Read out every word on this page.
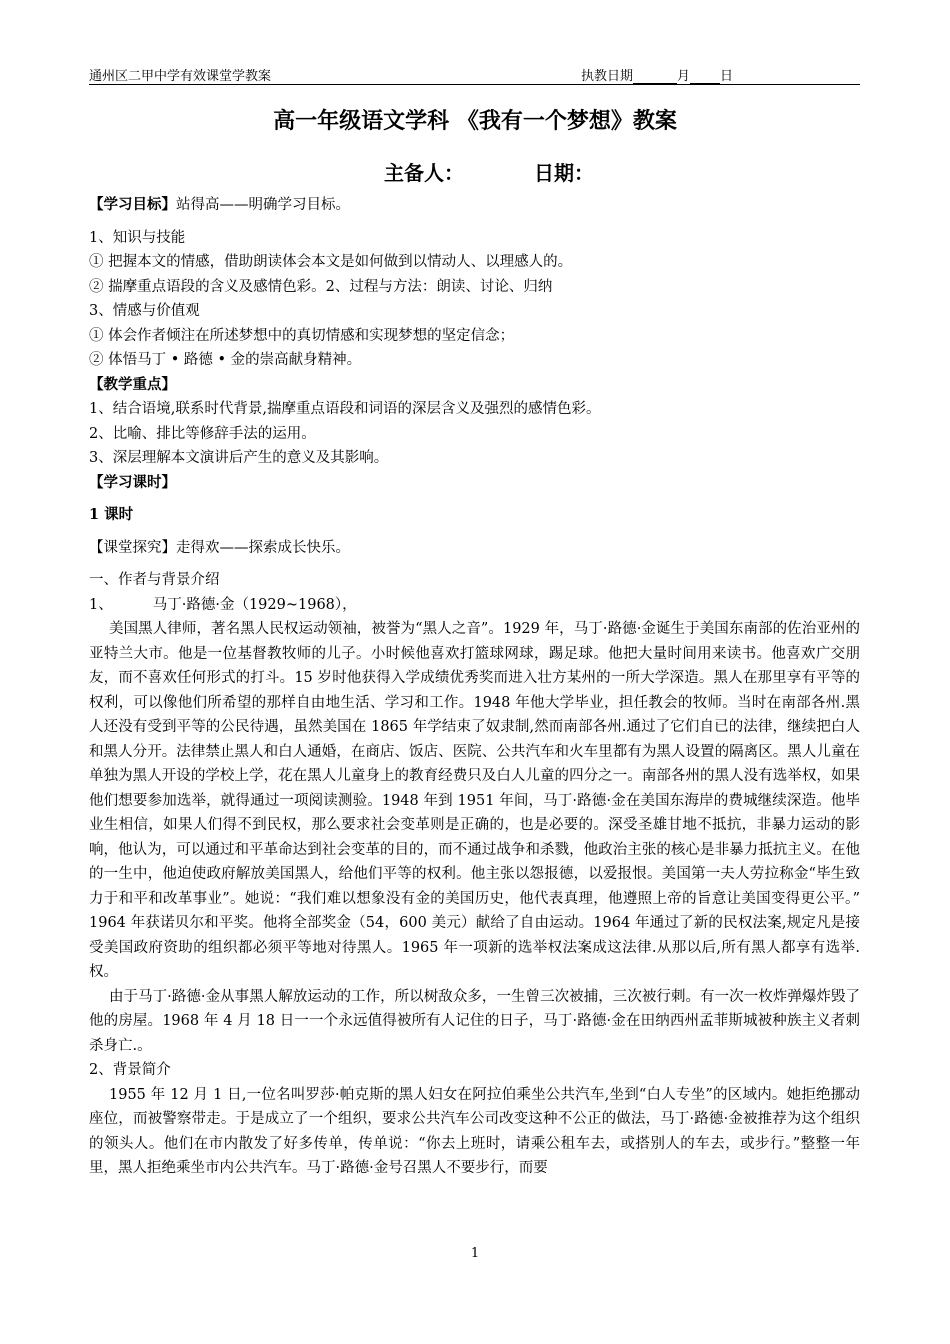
通州区二甲中学有效课堂学教案	执教日期	月 日
高一年级语文学科 《我有一个梦想》教案
主备人：	日期：

【学习目标】站得高——明确学习目标。

1、知识与技能

① 把握本文的情感，借助朗读体会本文是如何做到以情动人、以理感人的。

② 揣摩重点语段的含义及感情色彩。2、过程与方法：朗读、讨论、归纳

3、情感与价值观

① 体会作者倾注在所述梦想中的真切情感和实现梦想的坚定信念；

② 体悟马丁 • 路德 • 金的崇高献身精神。

【教学重点】

1、结合语境,联系时代背景,揣摩重点语段和词语的深层含义及强烈的感情色彩。

2、比喻、排比等修辞手法的运用。

3、深层理解本文演讲后产生的意义及其影响。

【学习课时】

1 课时

【课堂探究】走得欢——探索成长快乐。

一、作者与背景介绍

1、	马丁·路德·金（1929~1968），

美国黑人律师，著名黑人民权运动领袖，被誉为“黑人之音”。1929 年，马丁·路德·金诞生于美国东南部的佐治亚州的亚特兰大市。他是一位基督教牧师的儿子。小时候他喜欢打篮球网球，踢足球。他把大量时间用来读书。他喜欢广交朋友，而不喜欢任何形式的打斗。15 岁时他获得入学成绩优秀奖而进入壮方某州的一所大学深造。黑人在那里享有平等的权利，可以像他们所希望的那样自由地生活、学习和工作。1948 年他大学毕业，担任教会的牧师。当时在南部各州.黑人还没有受到平等的公民待遇，虽然美国在 1865 年学结束了奴隶制,然而南部各州.通过了它们自已的法律，继续把白人和黑人分开。法律禁止黑人和白人通婚，在商店、饭店、医院、公共汽车和火车里都有为黑人设置的隔离区。黑人儿童在单独为黑人开设的学校上学，花在黑人儿童身上的教育经费只及白人儿童的四分之一。南部各州的黑人没有选举权，如果他们想要参加选举，就得通过一项阅读测验。1948 年到 1951 年间，马丁·路德·金在美国东海岸的费城继续深造。他毕业生相信，如果人们得不到民权，那么要求社会变革则是正确的，也是必要的。深受圣雄甘地不抵抗，非暴力运动的影响，他认为，可以通过和平革命达到社会变革的目的，而不通过战争和杀戮，他政治主张的核心是非暴力抵抗主义。在他的一生中，他迫使政府解放美国黑人，给他们平等的权利。他主张以怨报德，以爱报恨。美国第一夫人劳拉称金“毕生致力于和平和改革事业”。她说：“我们难以想象没有金的美国历史，他代表真理，他遵照上帝的旨意让美国变得更公平。”　1964 年获诺贝尔和平奖。他将全部奖金（54，600 美元）献给了自由运动。1964 年通过了新的民权法案,规定凡是接受美国政府资助的组织都必须平等地对待黑人。1965 年一项新的选举权法案成这法律.从那以后,所有黑人都享有选举.权。

由于马丁·路德·金从事黑人解放运动的工作，所以树敌众多，一生曾三次被捕，三次被行刺。有一次一枚炸弹爆炸毁了他的房屋。1968 年 4 月 18 日一一个永远值得被所有人记住的日子，马丁·路德·金在田纳西州孟菲斯城被种族主义者刺杀身亡.。

2、背景简介

1955 年 12 月 1 日,一位名叫罗莎·帕克斯的黑人妇女在阿拉伯乘坐公共汽车,坐到“白人专坐”的区域内。她拒绝挪动座位，而被警察带走。于是成立了一个组织，要求公共汽车公司改变这种不公正的做法，马丁·路德·金被推荐为这个组织的领头人。他们在市内散发了好多传单，传单说：“你去上班时，请乘公租车去，或搭别人的车去，或步行。”整整一年里，黑人拒绝乘坐市内公共汽车。马丁·路德·金号召黑人不要步行，而要

1
